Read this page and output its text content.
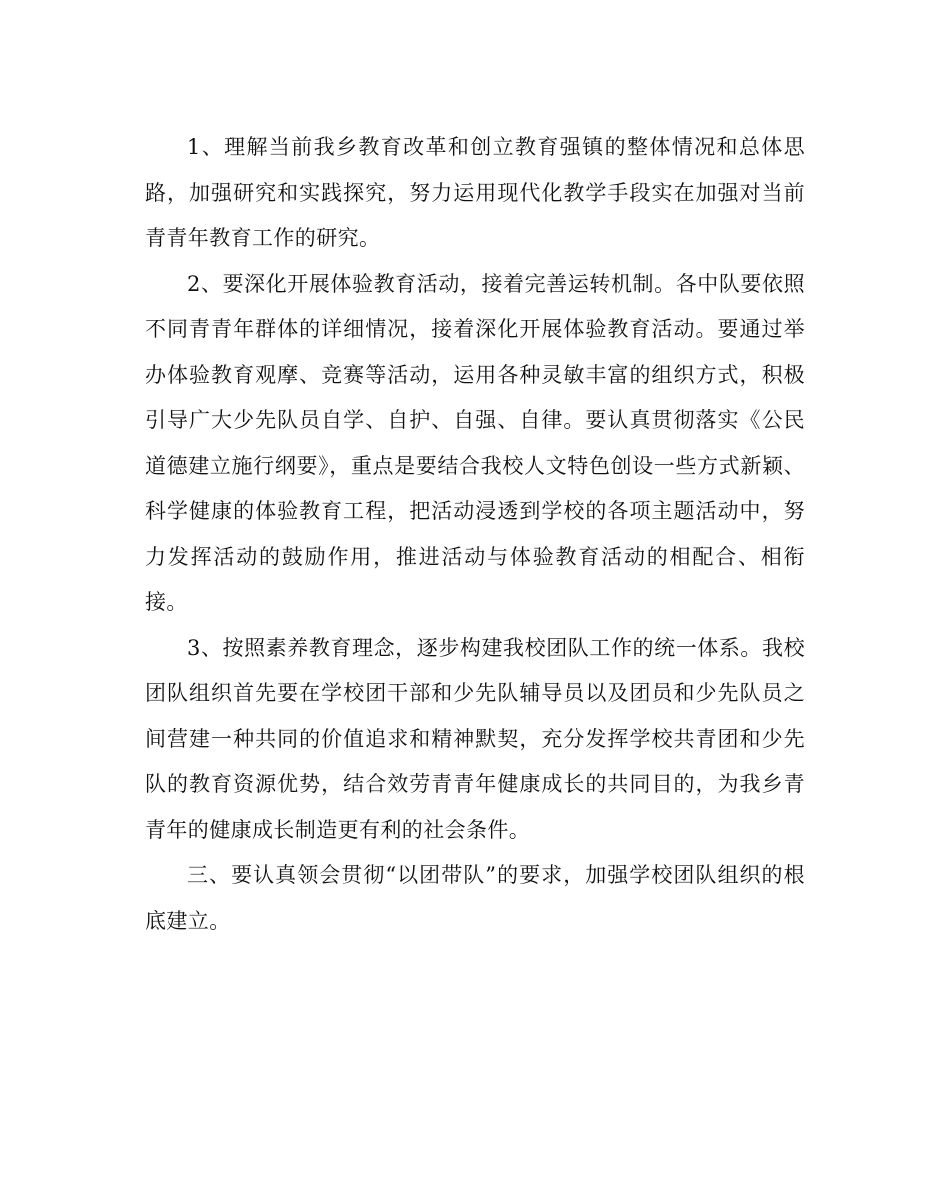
1、理解当前我乡教育改革和创立教育强镇的整体情况和总体思路，加强研究和实践探究，努力运用现代化教学手段实在加强对当前青青年教育工作的研究。

2、要深化开展体验教育活动，接着完善运转机制。各中队要依照不同青青年群体的详细情况，接着深化开展体验教育活动。要通过举办体验教育观摩、竞赛等活动，运用各种灵敏丰富的组织方式，积极引导广大少先队员自学、自护、自强、自律。要认真贯彻落实《公民道德建立施行纲要》，重点是要结合我校人文特色创设一些方式新颖、科学健康的体验教育工程，把活动浸透到学校的各项主题活动中，努力发挥活动的鼓励作用，推进活动与体验教育活动的相配合、相衔接。

3、按照素养教育理念，逐步构建我校团队工作的统一体系。我校团队组织首先要在学校团干部和少先队辅导员以及团员和少先队员之间营建一种共同的价值追求和精神默契，充分发挥学校共青团和少先队的教育资源优势，结合效劳青青年健康成长的共同目的，为我乡青青年的健康成长制造更有利的社会条件。

三、要认真领会贯彻“以团带队”的要求，加强学校团队组织的根底建立。
